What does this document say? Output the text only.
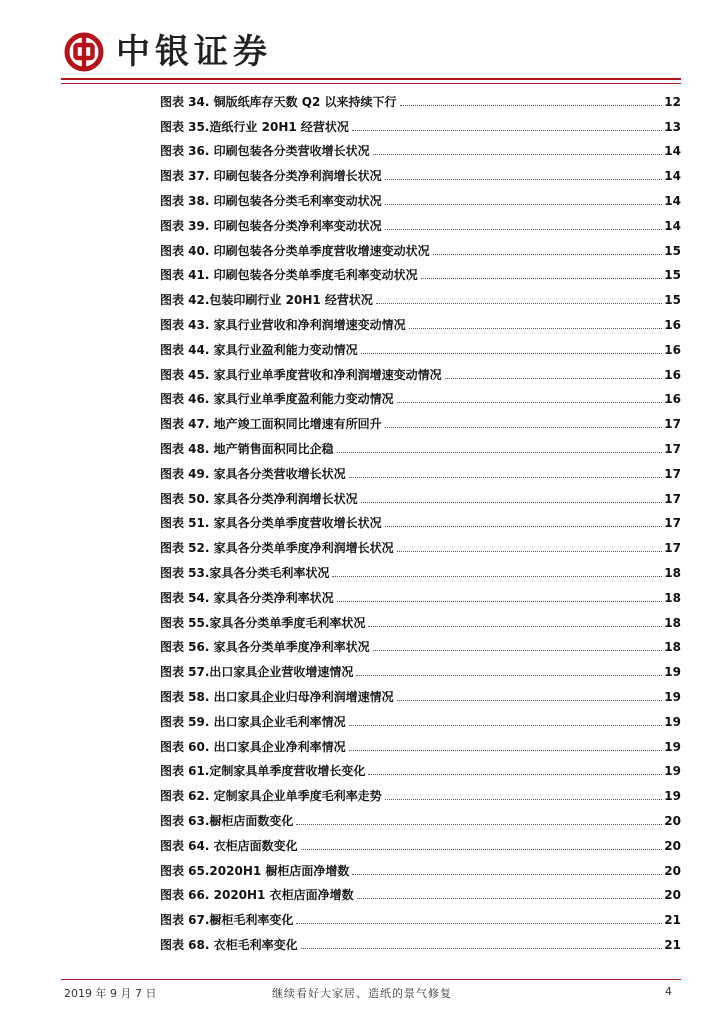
中银证券
图表 34. 铜版纸库存天数 Q2 以来持续下行	12
图表 35.造纸行业 20H1 经营状况	13
图表 36. 印刷包装各分类营收增长状况	14
图表 37. 印刷包装各分类净利润增长状况	14
图表 38. 印刷包装各分类毛利率变动状况	14
图表 39. 印刷包装各分类净利率变动状况	14
图表 40. 印刷包装各分类单季度营收增速变动状况	15
图表 41. 印刷包装各分类单季度毛利率变动状况	15
图表 42.包装印刷行业 20H1 经营状况	15
图表 43. 家具行业营收和净利润增速变动情况	16
图表 44. 家具行业盈利能力变动情况	16
图表 45. 家具行业单季度营收和净利润增速变动情况	16
图表 46. 家具行业单季度盈利能力变动情况	16
图表 47. 地产竣工面积同比增速有所回升	17
图表 48. 地产销售面积同比企稳	17
图表 49. 家具各分类营收增长状况	17
图表 50. 家具各分类净利润增长状况	17
图表 51. 家具各分类单季度营收增长状况	17
图表 52. 家具各分类单季度净利润增长状况	17
图表 53.家具各分类毛利率状况	18
图表 54. 家具各分类净利率状况	18
图表 55.家具各分类单季度毛利率状况	18
图表 56. 家具各分类单季度净利率状况	18
图表 57.出口家具企业营收增速情况	19
图表 58. 出口家具企业归母净利润增速情况	19
图表 59. 出口家具企业毛利率情况	19
图表 60. 出口家具企业净利率情况	19
图表 61.定制家具单季度营收增长变化	19
图表 62. 定制家具企业单季度毛利率走势	19
图表 63.橱柜店面数变化	20
图表 64. 衣柜店面数变化	20
图表 65.2020H1 橱柜店面净增数	20
图表 66. 2020H1 衣柜店面净增数	20
图表 67.橱柜毛利率变化	21
图表 68. 衣柜毛利率变化	21
2019 年 9 月 7 日	继续看好大家居、造纸的景气修复	4
